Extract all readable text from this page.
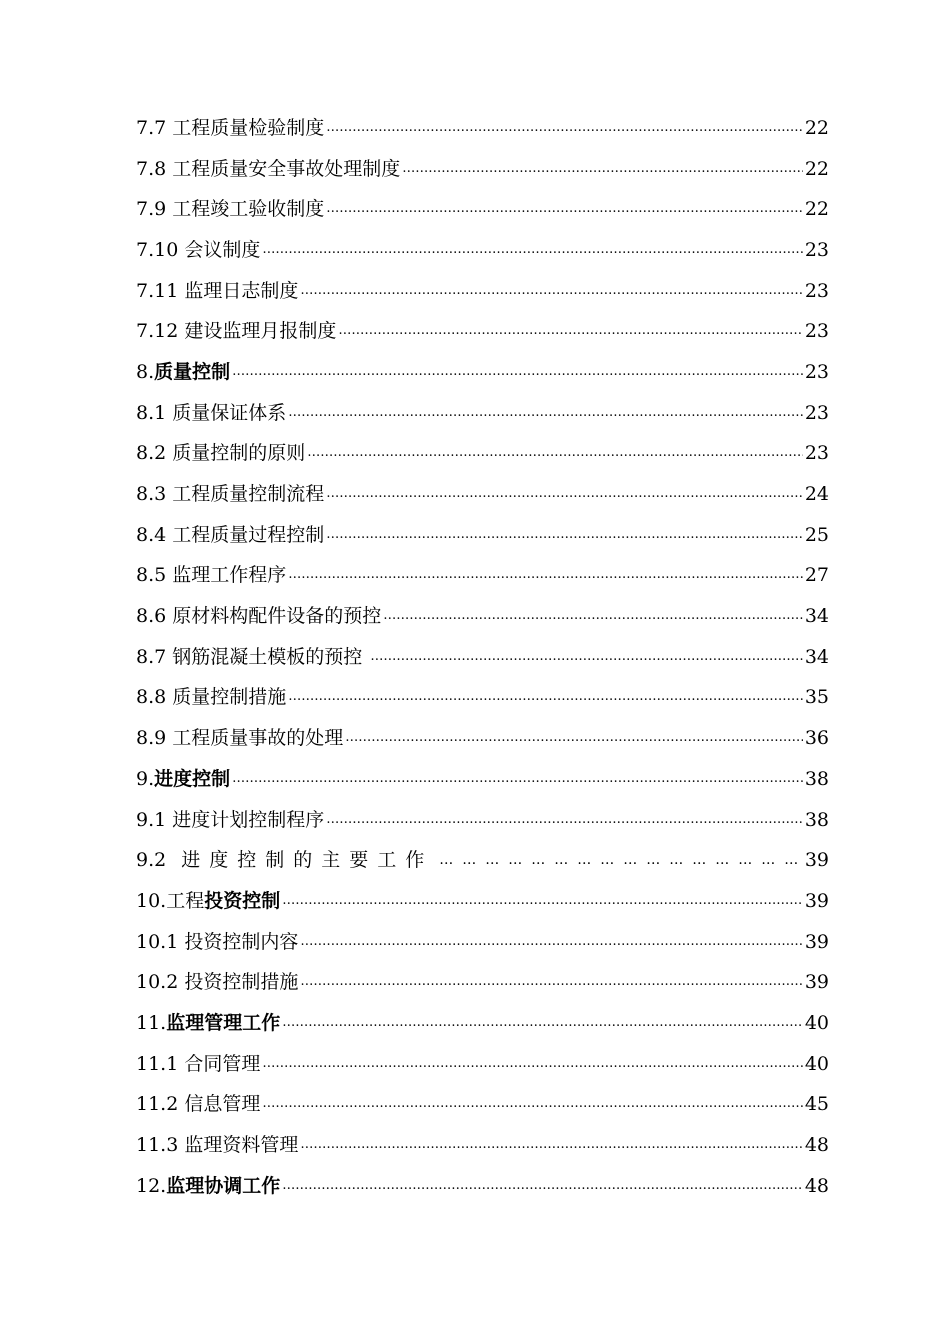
7.7 工程质量检验制度 …………………………………………………………………………………………………………………………………………………………………………	22
7.8 工程质量安全事故处理制度 …………………………………………………………………………………………………………………………………………………………………………	22
7.9 工程竣工验收制度 …………………………………………………………………………………………………………………………………………………………………………	22
7.10 会议制度 …………………………………………………………………………………………………………………………………………………………………………	23
7.11 监理日志制度 …………………………………………………………………………………………………………………………………………………………………………	23
7.12 建设监理月报制度 …………………………………………………………………………………………………………………………………………………………………………	23
8. 质量控制 …………………………………………………………………………………………………………………………………………………………………………	23
8.1 质量保证体系 …………………………………………………………………………………………………………………………………………………………………………	23
8.2 质量控制的原则 …………………………………………………………………………………………………………………………………………………………………………	23
8.3 工程质量控制流程 …………………………………………………………………………………………………………………………………………………………………………	24
8.4 工程质量过程控制 …………………………………………………………………………………………………………………………………………………………………………	25
8.5 监理工作程序 …………………………………………………………………………………………………………………………………………………………………………	27
8.6 原材料构配件设备的预控 …………………………………………………………………………………………………………………………………………………………………………	34
8.7 钢筋混凝土模板的预控 …………………………………………………………………………………………………………………………………………………………………………	34
8.8 质量控制措施 …………………………………………………………………………………………………………………………………………………………………………	35
8.9 工程质量事故的处理 …………………………………………………………………………………………………………………………………………………………………………	36
9. 进度控制 …………………………………………………………………………………………………………………………………………………………………………	38
9.1 进度计划控制程序 …………………………………………………………………………………………………………………………………………………………………………	38
9.2 进度控制的主要工作 …………………………………………………………………………………………………………………………………………………………………………	39
10. 工程投资控制 …………………………………………………………………………………………………………………………………………………………………………	39
10.1 投资控制内容 …………………………………………………………………………………………………………………………………………………………………………	39
10.2 投资控制措施 …………………………………………………………………………………………………………………………………………………………………………	39
11. 监理管理工作 …………………………………………………………………………………………………………………………………………………………………………	40
11.1 合同管理 …………………………………………………………………………………………………………………………………………………………………………	40
11.2 信息管理 …………………………………………………………………………………………………………………………………………………………………………	45
11.3 监理资料管理 …………………………………………………………………………………………………………………………………………………………………………	48
12. 监理协调工作 …………………………………………………………………………………………………………………………………………………………………………	48
